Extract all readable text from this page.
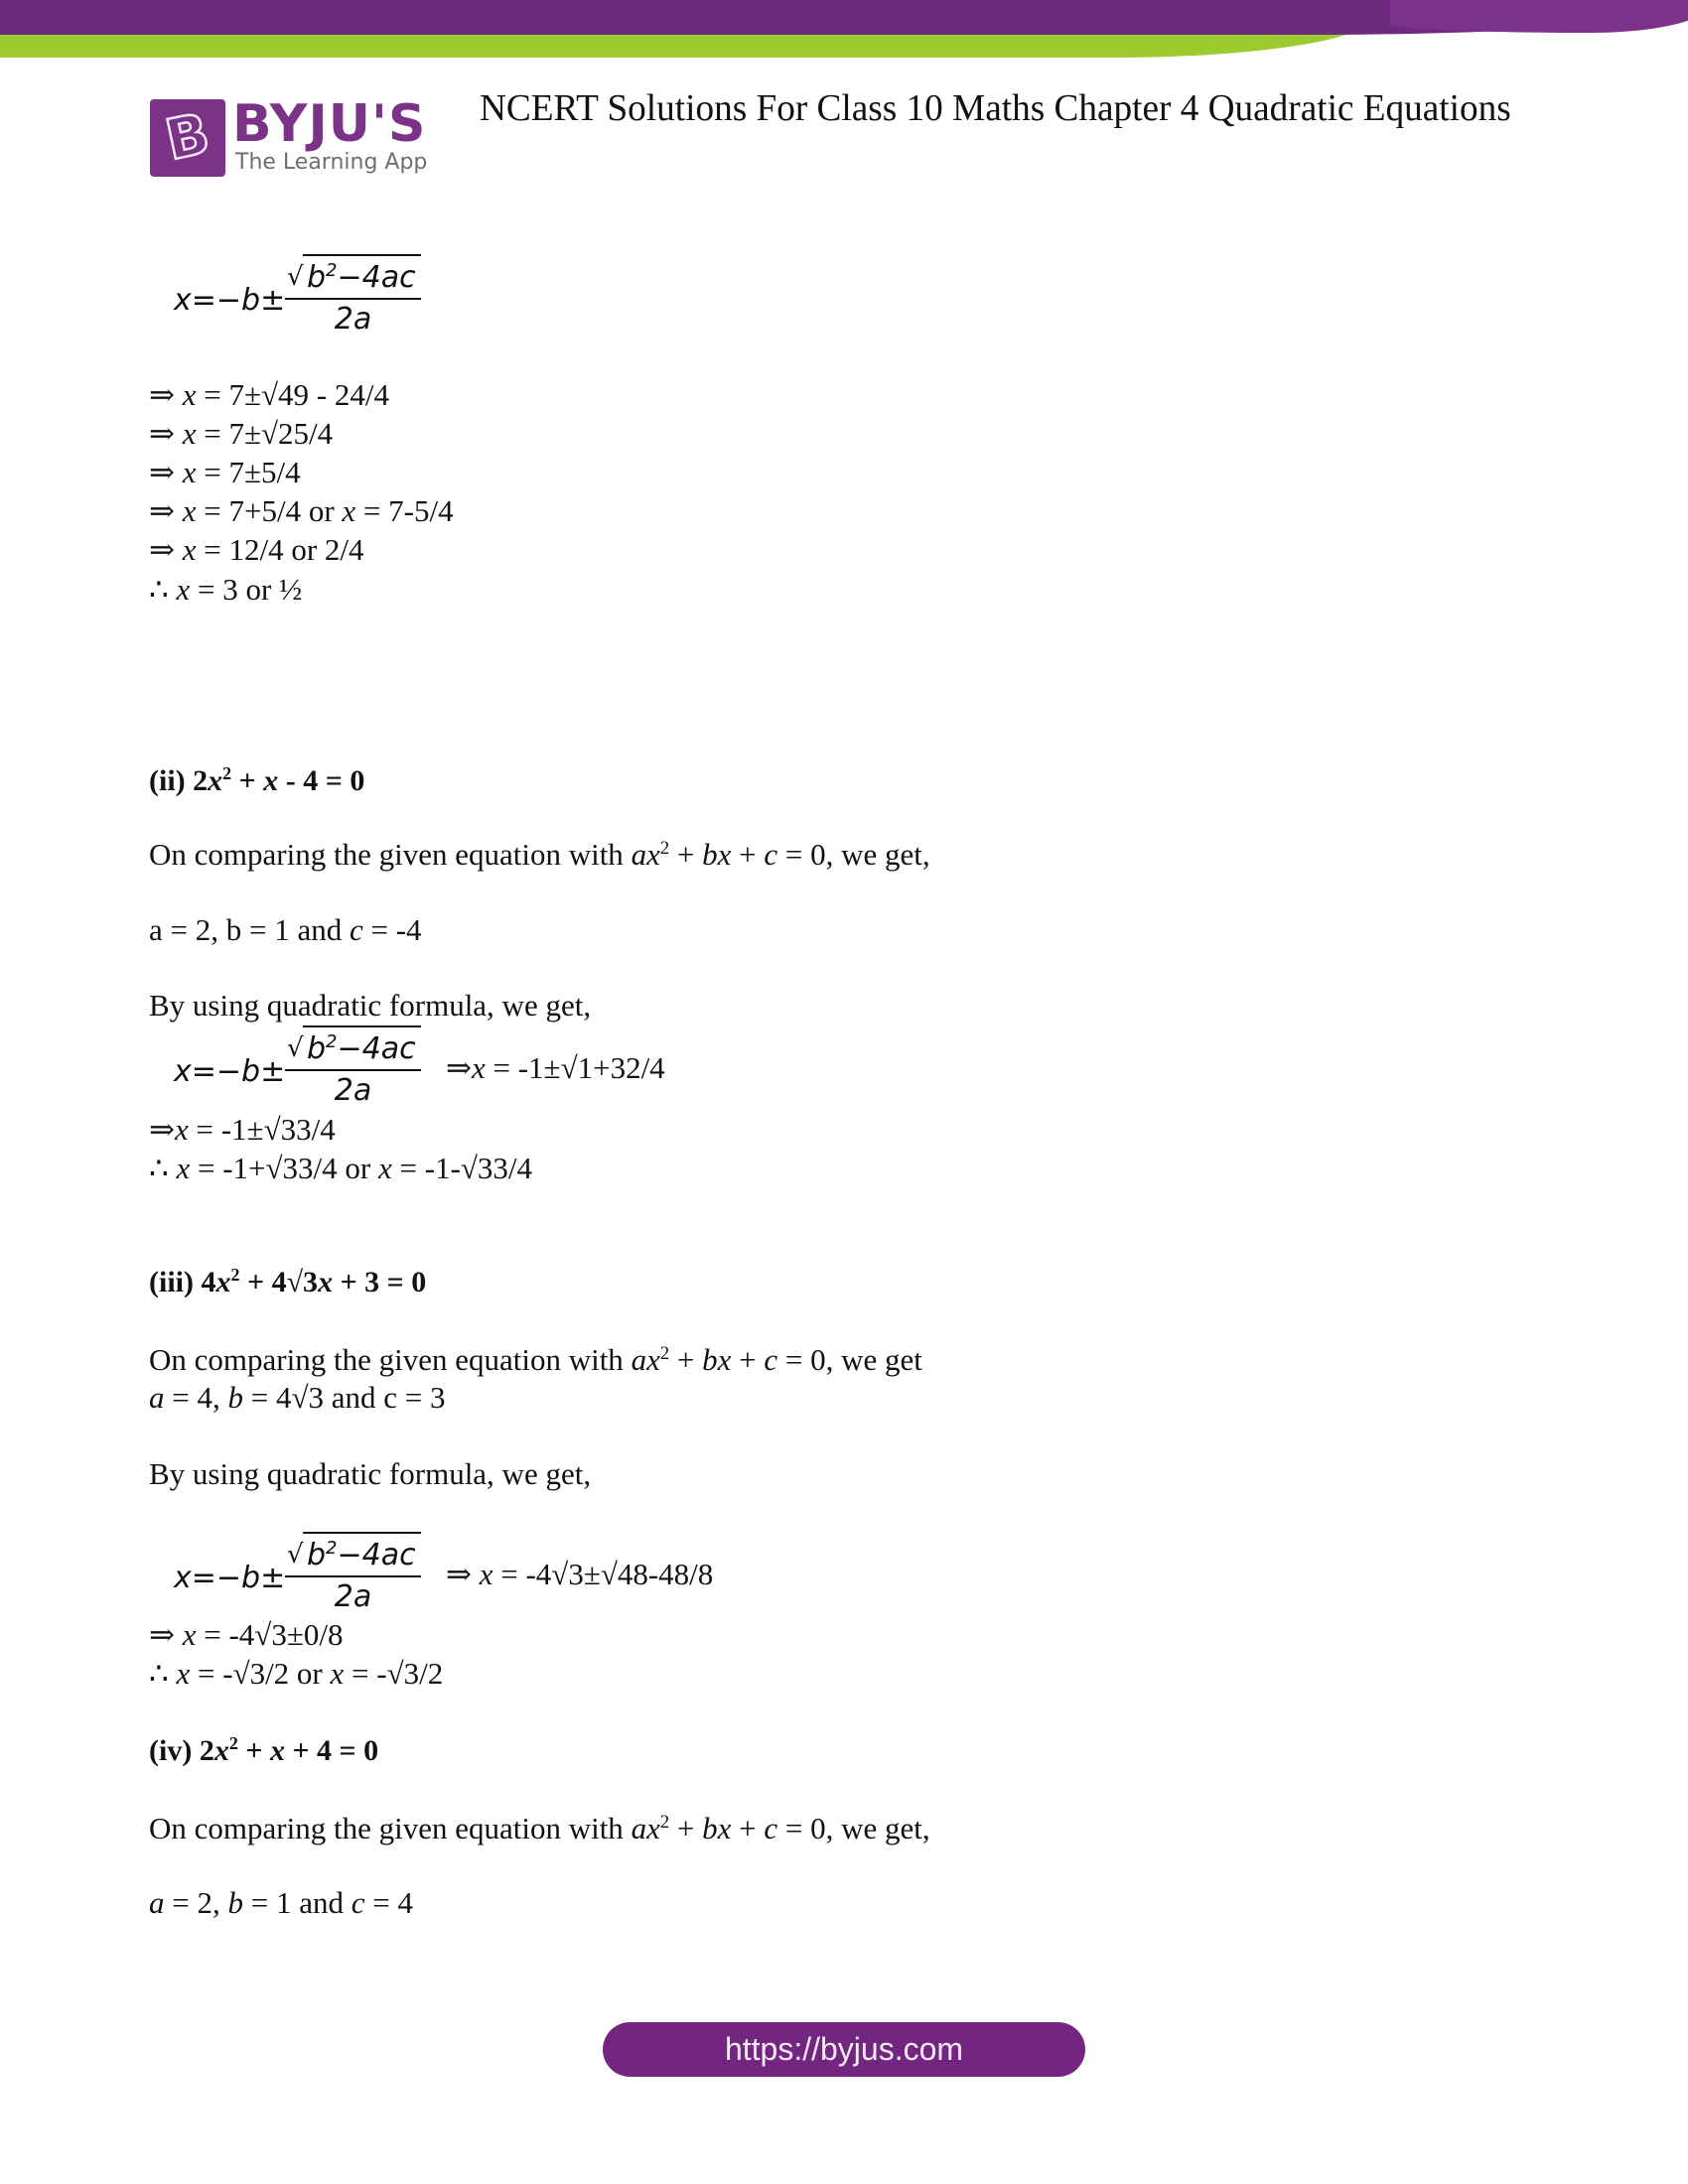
B BYJU'S
The Learning App
NCERT Solutions For Class 10 Maths Chapter 4 Quadratic Equations
x=−b±
√ $b^2-4ac$
2a
⇒ x = 7±√49 - 24/4
⇒ x = 7±√25/4
⇒ x = 7±5/4
⇒ x = 7+5/4 or x = 7-5/4
⇒ x = 12/4 or 2/4
∴ x = 3 or ½
(ii) $2x^2 + x - 4 = 0$
On comparing the given equation with $ax^2$ + bx + c = 0, we get,
a = 2, b = 1 and c = -4
By using quadratic formula, we get,
x=−b±
√ $b^2-4ac$
2a
⇒x = -1±√1+32/4
⇒x = -1±√33/4
∴ x = -1+√33/4 or x = -1-√33/4
(iii) $4x^2 + 4√3x + 3 = 0$
On comparing the given equation with $ax^2$ + bx + c = 0, we get
a = 4, b = 4√3 and c = 3
By using quadratic formula, we get,
x=−b±
√ $b^2-4ac$
2a
⇒ x = -4√3±√48-48/8
⇒ x = -4√3±0/8
∴ x = -√3/2 or x = -√3/2
(iv) $2x^2 + x + 4 = 0$
On comparing the given equation with $ax^2$ + bx + c = 0, we get,
a = 2, b = 1 and c = 4
https://byjus.com
